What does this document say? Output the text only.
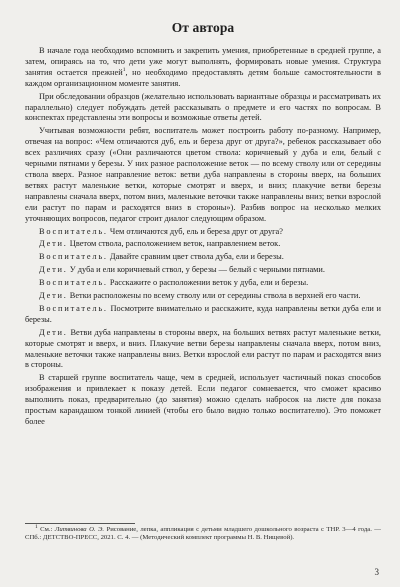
От автора

В начале года необходимо вспомнить и закрепить умения, приобретенные в средней группе, а затем, опираясь на то, что дети уже могут выполнять, формировать новые умения. Структура занятия остается прежней$^1$, но необходимо предоставлять детям больше самостоятельности в каждом организационном моменте занятия.

При обследовании образцов (желательно использовать вариантные образцы и рассматривать их параллельно) следует побуждать детей рассказывать о предмете и его частях по вопросам. В конспектах представлены эти вопросы и возможные ответы детей.

Учитывая возможности ребят, воспитатель может построить работу по-разному. Например, отвечая на вопрос: «Чем отличаются дуб, ель и береза друг от друга?», ребенок рассказывает обо всех различиях сразу («Они различаются цветом ствола: коричневый у дуба и ели, белый с черными пятнами у березы. У них разное расположение веток — по всему стволу или от середины ствола вверх. Разное направление веток: ветви дуба направлены в стороны вверх, на больших ветвях растут маленькие ветки, которые смотрят и вверх, и вниз; плакучие ветви березы направлены сначала вверх, потом вниз, маленькие веточки также направлены вниз; ветки взрослой ели растут по парам и расходятся вниз в стороны»). Разбив вопрос на несколько мелких уточняющих вопросов, педагог строит диалог следующим образом.

Воспитатель. Чем отличаются дуб, ель и береза друг от друга?

Дети. Цветом ствола, расположением веток, направлением веток.

Воспитатель. Давайте сравним цвет ствола дуба, ели и березы.

Дети. У дуба и ели коричневый ствол, у березы — белый с черными пятнами.

Воспитатель. Расскажите о расположении веток у дуба, ели и березы.

Дети. Ветки расположены по всему стволу или от середины ствола в верхней его части.

Воспитатель. Посмотрите внимательно и расскажите, куда направлены ветки дуба ели и березы.

Дети. Ветви дуба направлены в стороны вверх, на больших ветвях растут маленькие ветки, которые смотрят и вверх, и вниз. Плакучие ветви березы направлены сначала вверх, потом вниз, маленькие веточки также направлены вниз. Ветки взрослой ели растут по парам и расходятся вниз в стороны.

В старшей группе воспитатель чаще, чем в средней, использует частичный показ способов изображения и привлекает к показу детей. Если педагог сомневается, что сможет красиво выполнить показ, предварительно (до занятия) можно сделать набросок на листе для показа простым карандашом тонкой линией (чтобы его было видно только воспитателю). Это поможет более

$^1$ См.: Литвинова О. Э. Рисование, лепка, аппликация с детьми младшего дошкольного возраста с ТНР. 3—4 года. — СПб.: ДЕТСТВО-ПРЕСС, 2021. С. 4. — (Методический комплект программы Н. В. Нищевой).
3
